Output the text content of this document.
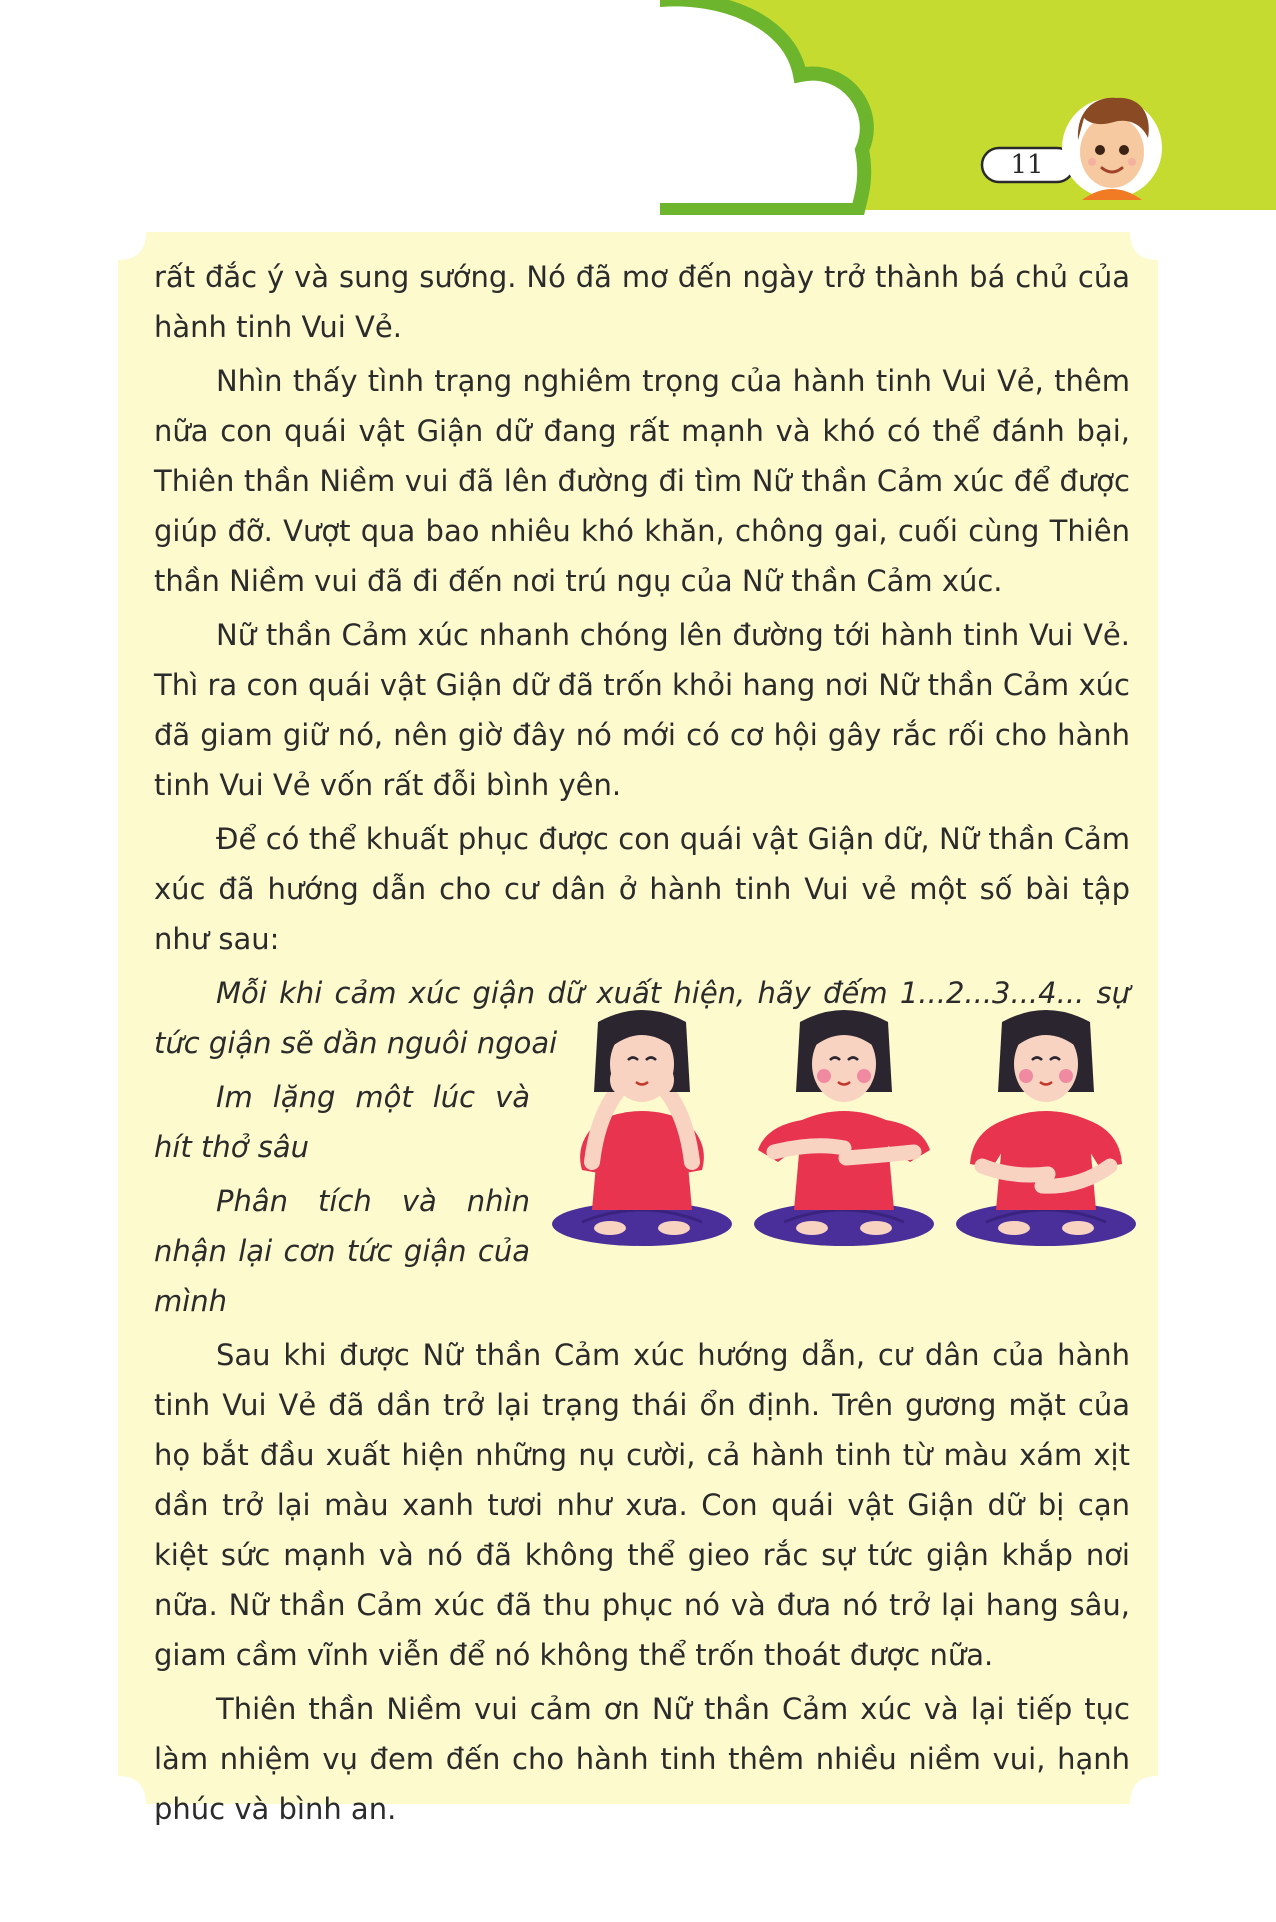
11

rất đắc ý và sung sướng. Nó đã mơ đến ngày trở thành bá chủ của hành tinh Vui Vẻ.

Nhìn thấy tình trạng nghiêm trọng của hành tinh Vui Vẻ, thêm nữa con quái vật Giận dữ đang rất mạnh và khó có thể đánh bại, Thiên thần Niềm vui đã lên đường đi tìm Nữ thần Cảm xúc để được giúp đỡ. Vượt qua bao nhiêu khó khăn, chông gai, cuối cùng Thiên thần Niềm vui đã đi đến nơi trú ngụ của Nữ thần Cảm xúc.

Nữ thần Cảm xúc nhanh chóng lên đường tới hành tinh Vui Vẻ. Thì ra con quái vật Giận dữ đã trốn khỏi hang nơi Nữ thần Cảm xúc đã giam giữ nó, nên giờ đây nó mới có cơ hội gây rắc rối cho hành tinh Vui Vẻ vốn rất đỗi bình yên.

Để có thể khuất phục được con quái vật Giận dữ, Nữ thần Cảm xúc đã hướng dẫn cho cư dân ở hành tinh Vui vẻ một số bài tập như sau:

Mỗi khi cảm xúc giận dữ xuất hiện, hãy đếm 1...2...3...4... sự tức giận sẽ dần nguôi ngoai

Im lặng một lúc và hít thở sâu

Phân tích và nhìn nhận lại cơn tức giận của mình

Sau khi được Nữ thần Cảm xúc hướng dẫn, cư dân của hành tinh Vui Vẻ đã dần trở lại trạng thái ổn định. Trên gương mặt của họ bắt đầu xuất hiện những nụ cười, cả hành tinh từ màu xám xịt dần trở lại màu xanh tươi như xưa. Con quái vật Giận dữ bị cạn kiệt sức mạnh và nó đã không thể gieo rắc sự tức giận khắp nơi nữa. Nữ thần Cảm xúc đã thu phục nó và đưa nó trở lại hang sâu, giam cầm vĩnh viễn để nó không thể trốn thoát được nữa.

Thiên thần Niềm vui cảm ơn Nữ thần Cảm xúc và lại tiếp tục làm nhiệm vụ đem đến cho hành tinh thêm nhiều niềm vui, hạnh phúc và bình an.
